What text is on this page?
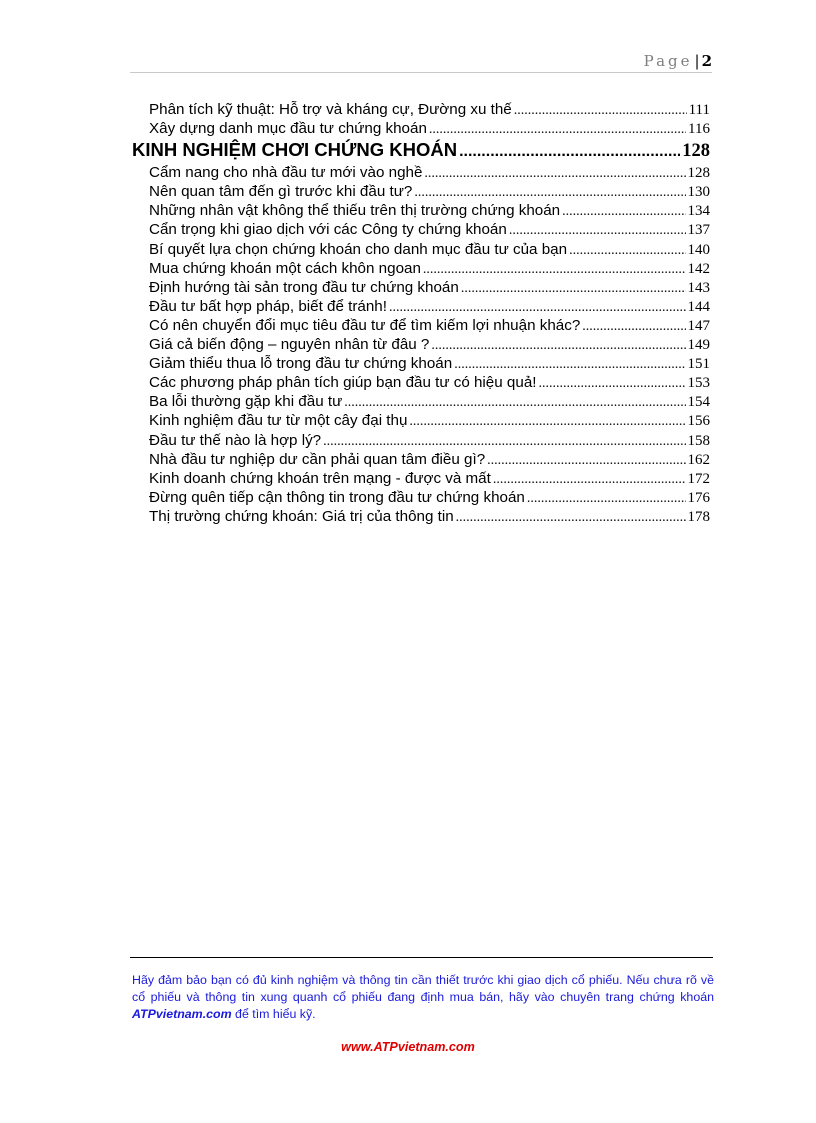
Page | 2
Phân tích kỹ thuật: Hỗ trợ và kháng cự, Đường xu thế .....	111
Xây dựng danh mục đầu tư chứng khoán .....	116
KINH NGHIỆM CHƠI CHỨNG KHOÁN .....	128
Cẩm nang cho nhà đầu tư mới vào nghề .....	128
Nên quan tâm đến gì trước khi đầu tư? .....	130
Những nhân vật không thể thiếu trên thị trường chứng khoán .....	134
Cẩn trọng khi giao dịch với các Công ty chứng khoán .....	137
Bí quyết lựa chọn chứng khoán cho danh mục đầu tư của bạn .....	140
Mua chứng khoán một cách khôn ngoan .....	142
Định hướng tài sản trong đầu tư chứng khoán .....	143
Đầu tư bất hợp pháp, biết để tránh! .....	144
Có nên chuyển đổi mục tiêu đầu tư để tìm kiếm lợi nhuận khác? .....	147
Giá cả biến động – nguyên nhân từ đâu ? .....	149
Giảm thiểu thua lỗ trong đầu tư chứng khoán .....	151
Các phương pháp phân tích giúp bạn đầu tư có hiệu quả! .....	153
Ba lỗi thường gặp khi đầu tư .....	154
Kinh nghiệm đầu tư từ một cây đại thụ .....	156
Đầu tư thế nào là hợp lý? .....	158
Nhà đầu tư nghiệp dư cần phải quan tâm điều gì? .....	162
Kinh doanh chứng khoán trên mạng - được và mất .....	172
Đừng quên tiếp cận thông tin trong đầu tư chứng khoán .....	176
Thị trường chứng khoán: Giá trị của thông tin .....	178
Hãy đảm bảo bạn có đủ kinh nghiệm và thông tin cần thiết trước khi giao dịch cổ phiếu. Nếu chưa rõ về cổ phiếu và thông tin xung quanh cổ phiếu đang định mua bán, hãy vào chuyên trang chứng khoán ATPvietnam.com để tìm hiểu kỹ.
www.ATPvietnam.com
